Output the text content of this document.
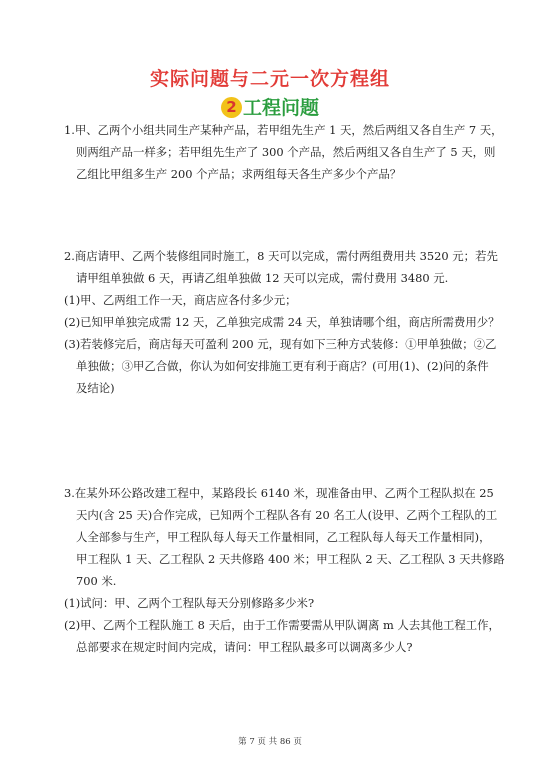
实际问题与二元一次方程组
2 工程问题
1.甲、乙两个小组共同生产某种产品，若甲组先生产 1 天，然后两组又各自生产 7 天，
则两组产品一样多；若甲组先生产了 300 个产品，然后两组又各自生产了 5 天，则
乙组比甲组多生产 200 个产品；求两组每天各生产多少个产品？
2.商店请甲、乙两个装修组同时施工，8 天可以完成，需付两组费用共 3520 元；若先
请甲组单独做 6 天，再请乙组单独做 12 天可以完成，需付费用 3480 元.
(1)甲、乙两组工作一天，商店应各付多少元；
(2)已知甲单独完成需 12 天，乙单独完成需 24 天，单独请哪个组，商店所需费用少？
(3)若装修完后，商店每天可盈利 200 元，现有如下三种方式装修：①甲单独做；②乙
单独做；③甲乙合做，你认为如何安排施工更有利于商店？(可用(1)、(2)问的条件
及结论)
3.在某外环公路改建工程中，某路段长 6140 米，现准备由甲、乙两个工程队拟在 25
天内(含 25 天)合作完成，已知两个工程队各有 20 名工人(设甲、乙两个工程队的工
人全部参与生产，甲工程队每人每天工作量相同，乙工程队每人每天工作量相同)，
甲工程队 1 天、乙工程队 2 天共修路 400 米；甲工程队 2 天、乙工程队 3 天共修路
700 米.
(1)试问：甲、乙两个工程队每天分别修路多少米?
(2)甲、乙两个工程队施工 8 天后，由于工作需要需从甲队调离 m 人去其他工程工作，
总部要求在规定时间内完成，请问：甲工程队最多可以调离多少人?
第 7 页 共 86 页
